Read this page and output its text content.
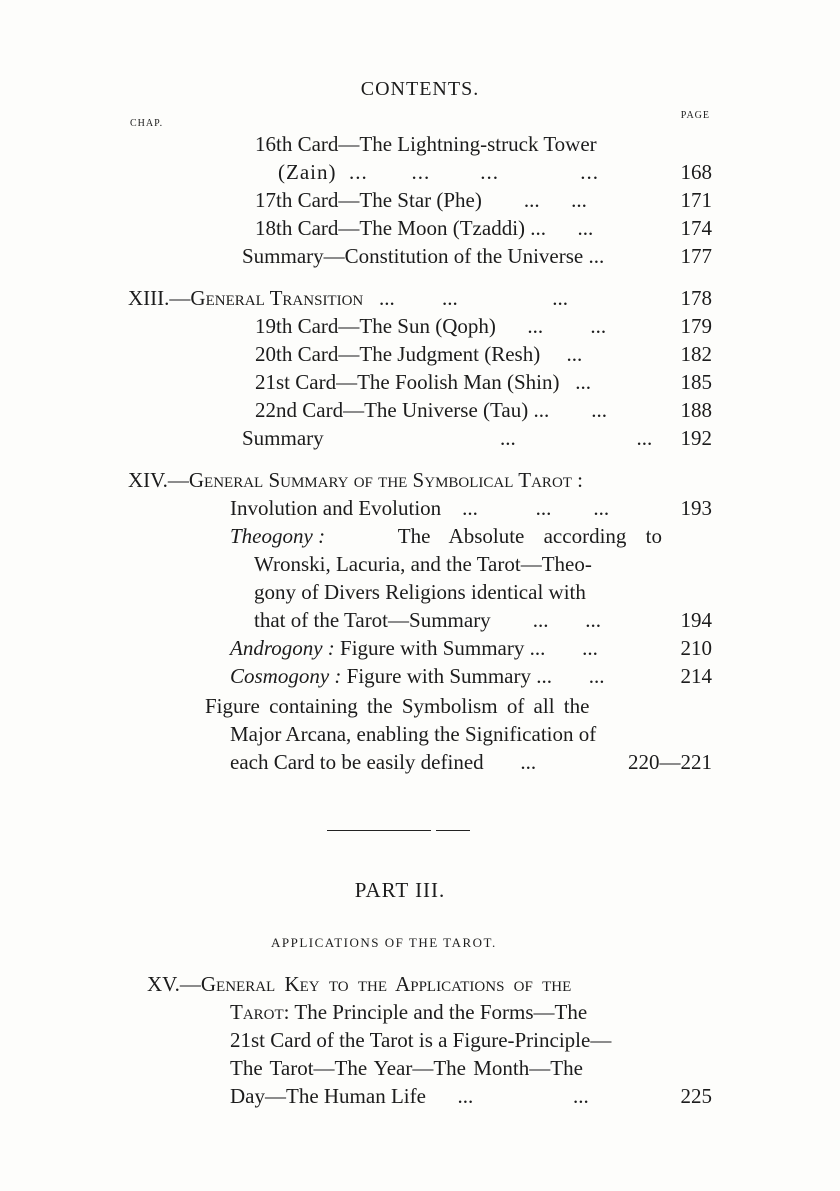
CONTENTS.
CHAP.
PAGE
16th Card—The Lightning-struck Tower
(Zain)  ...       ...        ...             ...	168
17th Card—The Star (Phe)        ...      ...	171
18th Card—The Moon (Tzaddi) ...      ...	174
Summary—Constitution of the Universe ...	177
XIII.—General Transition   ...         ...                  ...	178
19th Card—The Sun (Qoph)      ...         ...	179
20th Card—The Judgment (Resh)     ...	182
21st Card—The Foolish Man (Shin)   ...	185
22nd Card—The Universe (Tau) ...        ...	188
Summary	...	... 192
XIV.—General Summary of the Symbolical Tarot :
Involution and Evolution    ...           ...        ...	193
Theogony :	The Absolute according to
Wronski, Lacuria, and the Tarot—Theo-
gony of Divers Religions identical with
that of the Tarot—Summary        ...       ...	194
Androgony : Figure with Summary ...       ...	210
Cosmogony : Figure with Summary ...       ...	214
Figure containing the Symbolism of all the
Major Arcana, enabling the Signification of
each Card to be easily defined       ...	220—221
PART III.
APPLICATIONS OF THE TAROT.
XV.—General Key to the Applications of the
Tarot: The Principle and the Forms—The
21st Card of the Tarot is a Figure-Principle—
The Tarot—The Year—The Month—The
Day—The Human Life ...	...	225
